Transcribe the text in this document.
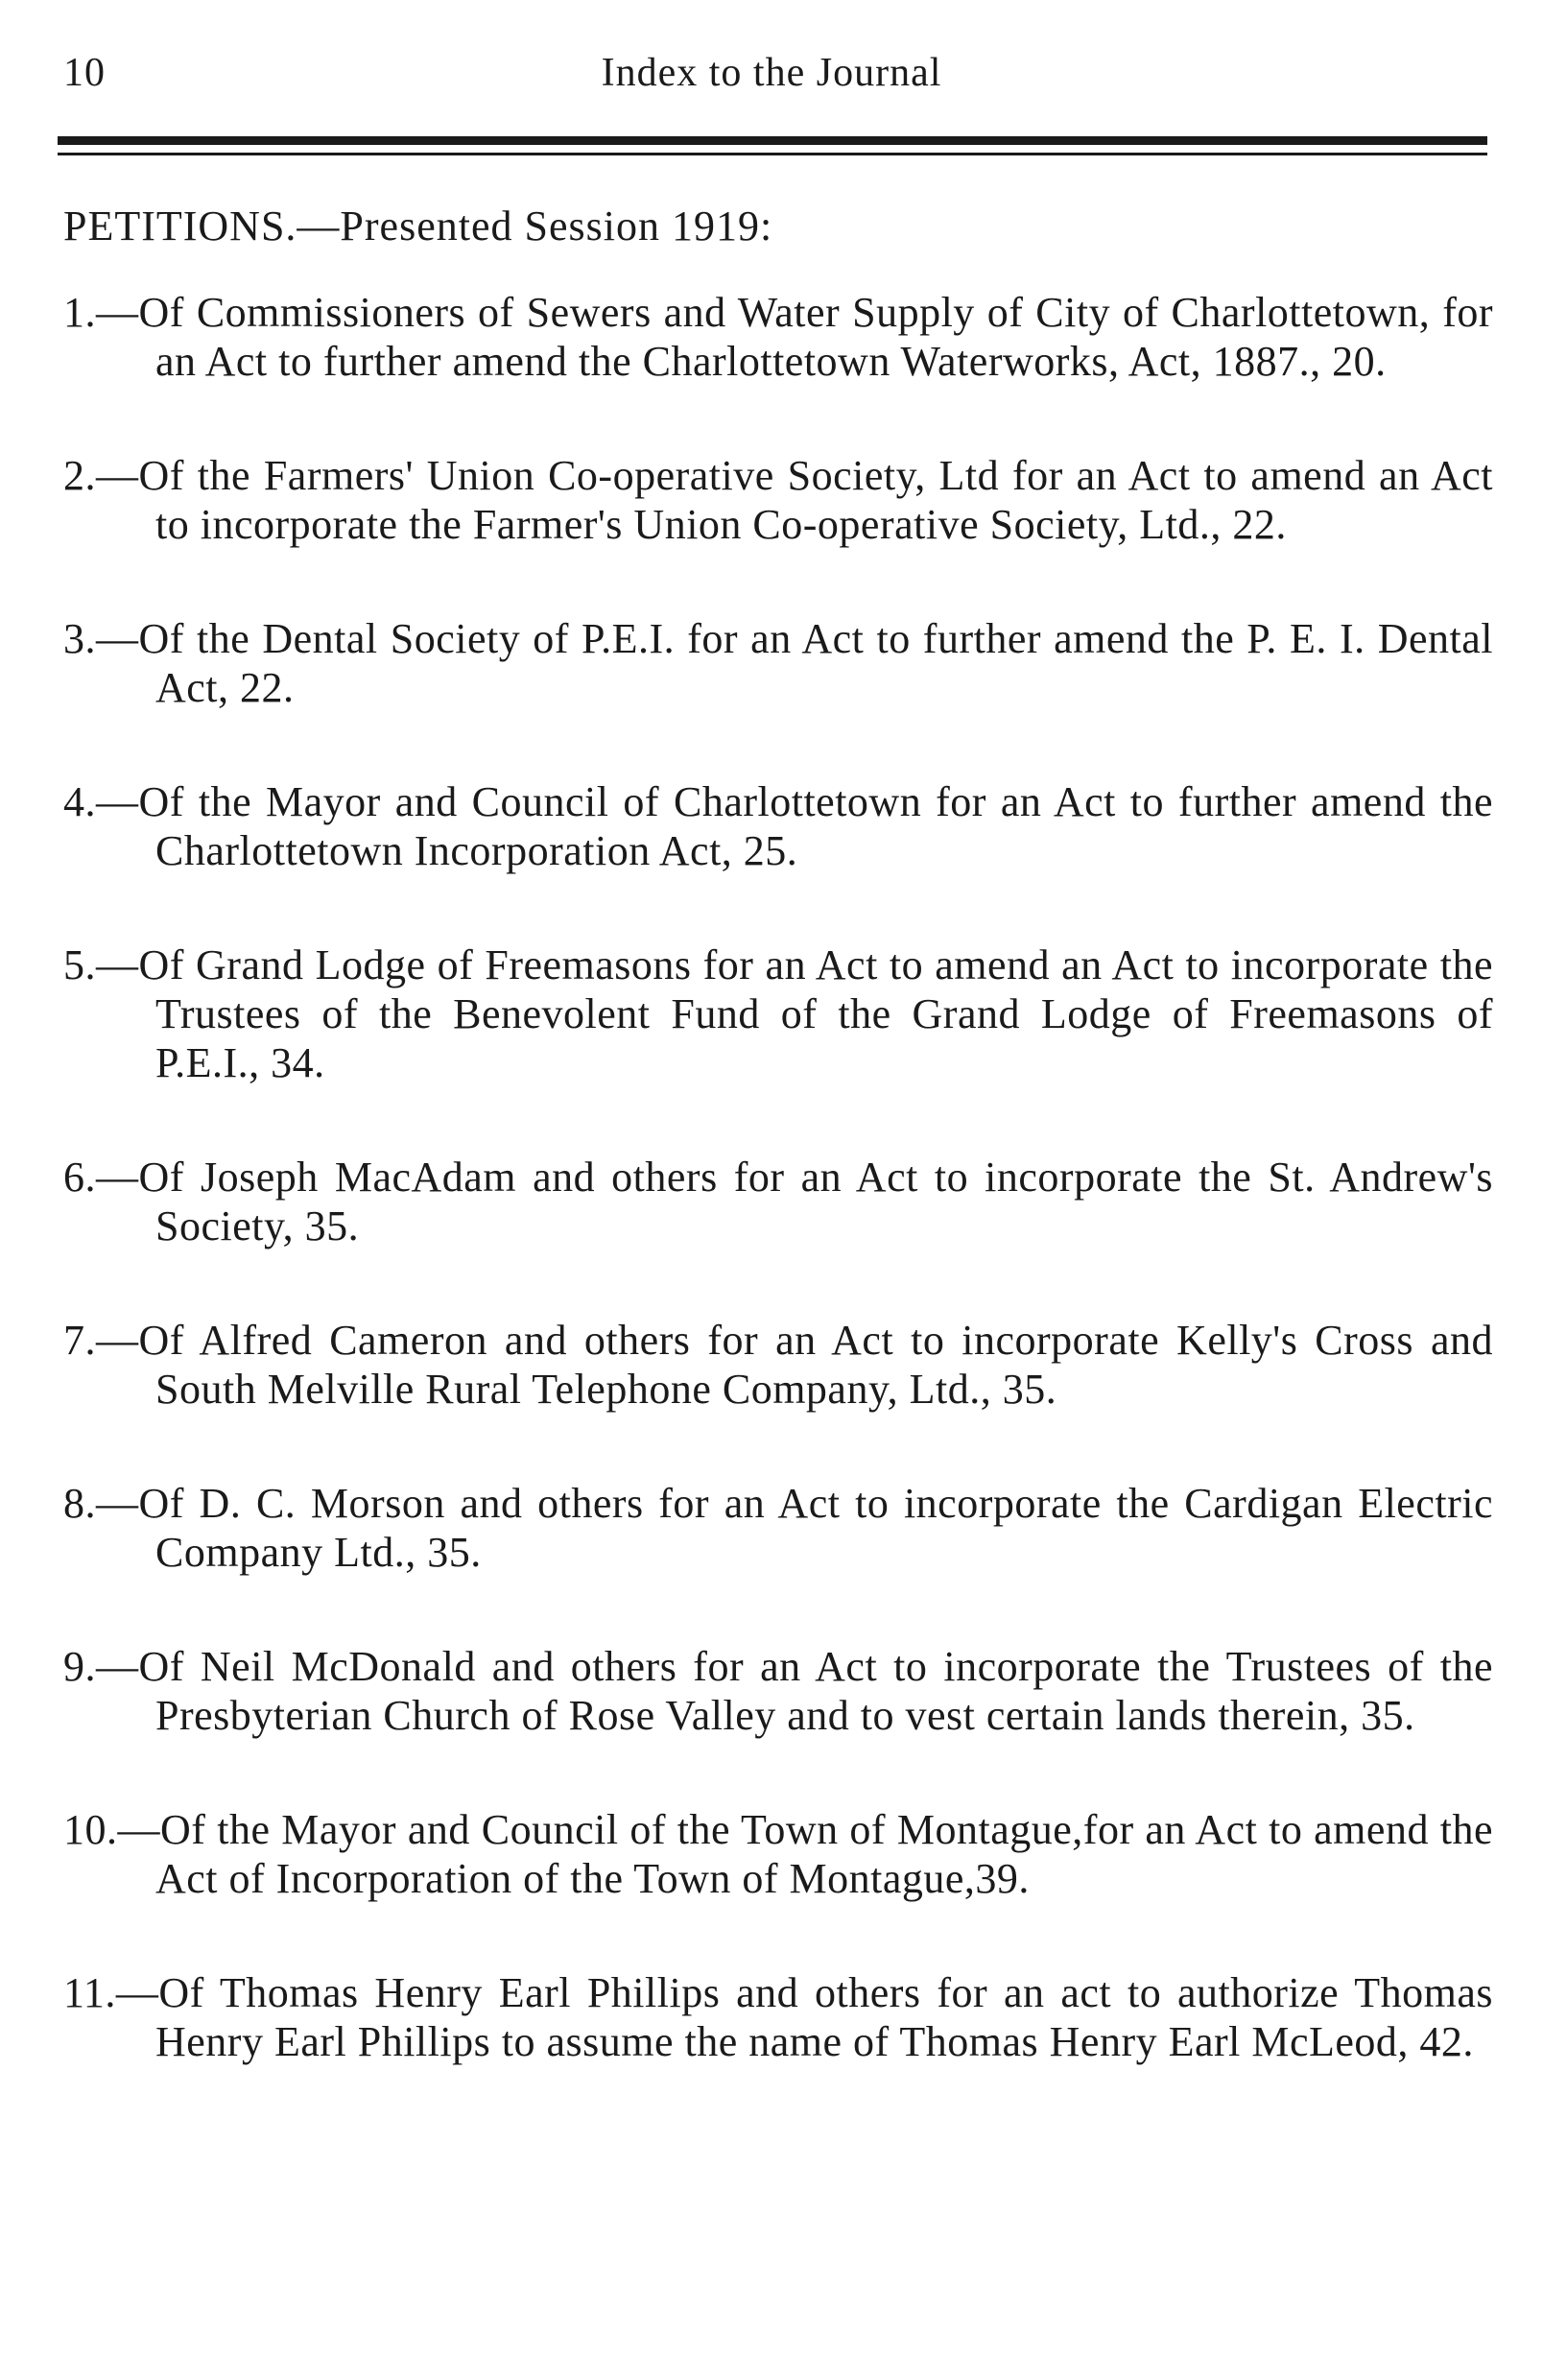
10	Index to the Journal
PETITIONS.—Presented Session 1919:
1.—Of Commissioners of Sewers and Water Supply of City of Charlottetown, for an Act to further amend the Charlottetown Waterworks, Act, 1887., 20.
2.—Of the Farmers' Union Co-operative Society, Ltd for an Act to amend an Act to incorporate the Farmer's Union Co-operative Society, Ltd., 22.
3.—Of the Dental Society of P.E.I. for an Act to further amend the P. E. I. Dental Act, 22.
4.—Of the Mayor and Council of Charlottetown for an Act to further amend the Charlottetown Incorporation Act, 25.
5.—Of Grand Lodge of Freemasons for an Act to amend an Act to incorporate the Trustees of the Benevolent Fund of the Grand Lodge of Freemasons of P.E.I., 34.
6.—Of Joseph MacAdam and others for an Act to incorporate the St. Andrew's Society, 35.
7.—Of Alfred Cameron and others for an Act to incorporate Kelly's Cross and South Melville Rural Telephone Company, Ltd., 35.
8.—Of D. C. Morson and others for an Act to incorporate the Cardigan Electric Company Ltd., 35.
9.—Of Neil McDonald and others for an Act to incorporate the Trustees of the Presbyterian Church of Rose Valley and to vest certain lands therein, 35.
10.—Of the Mayor and Council of the Town of Montague,for an Act to amend the Act of Incorporation of the Town of Montague,39.
11.—Of Thomas Henry Earl Phillips and others for an act to authorize Thomas Henry Earl Phillips to assume the name of Thomas Henry Earl McLeod, 42.
